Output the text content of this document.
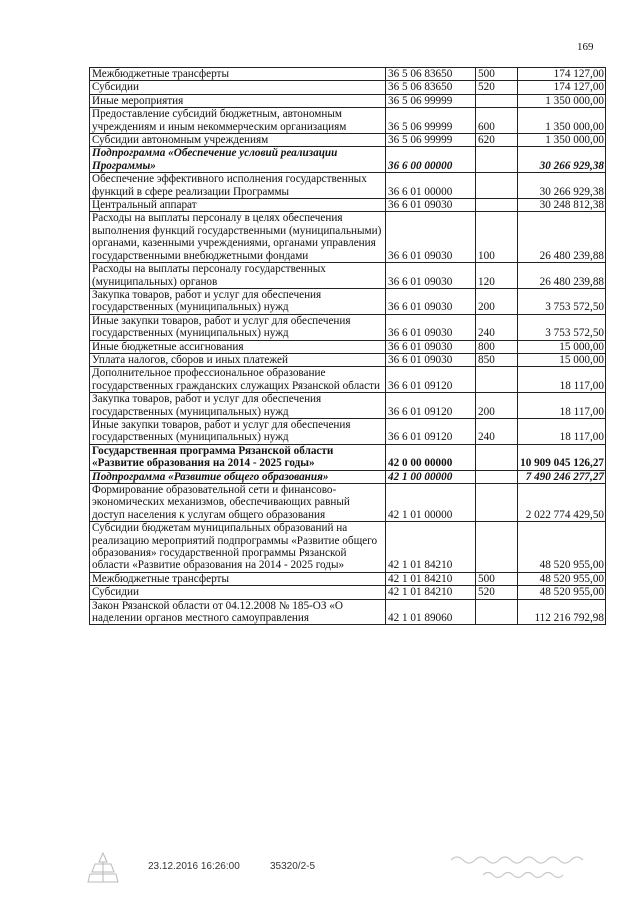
169
Межбюджетные трансферты	36 5 06 83650	500	174 127,00
Субсидии	36 5 06 83650	520	174 127,00
Иные мероприятия	36 5 06 99999		1 350 000,00
Предоставление субсидий бюджетным, автономным учреждениям и иным некоммерческим организациям	36 5 06 99999	600	1 350 000,00
Субсидии автономным учреждениям	36 5 06 99999	620	1 350 000,00
Подпрограмма «Обеспечение условий реализации Программы»	36 6 00 00000		30 266 929,38
Обеспечение эффективного исполнения государственных функций в сфере реализации Программы	36 6 01 00000		30 266 929,38
Центральный аппарат	36 6 01 09030		30 248 812,38
Расходы на выплаты персоналу в целях обеспечения выполнения функций государственными (муниципальными) органами, казенными учреждениями, органами управления государственными внебюджетными фондами	36 6 01 09030	100	26 480 239,88
Расходы на выплаты персоналу государственных (муниципальных) органов	36 6 01 09030	120	26 480 239,88
Закупка товаров, работ и услуг для обеспечения государственных (муниципальных) нужд	36 6 01 09030	200	3 753 572,50
Иные закупки товаров, работ и услуг для обеспечения государственных (муниципальных) нужд	36 6 01 09030	240	3 753 572,50
Иные бюджетные ассигнования	36 6 01 09030	800	15 000,00
Уплата налогов, сборов и иных платежей	36 6 01 09030	850	15 000,00
Дополнительное профессиональное образование государственных гражданских служащих Рязанской области	36 6 01 09120		18 117,00
Закупка товаров, работ и услуг для обеспечения государственных (муниципальных) нужд	36 6 01 09120	200	18 117,00
Иные закупки товаров, работ и услуг для обеспечения государственных (муниципальных) нужд	36 6 01 09120	240	18 117,00
Государственная программа Рязанской области «Развитие образования на 2014 - 2025 годы»	42 0 00 00000		10 909 045 126,27
Подпрограмма «Развитие общего образования»	42 1 00 00000		7 490 246 277,27
Формирование образовательной сети и финансово-экономических механизмов, обеспечивающих равный доступ населения к услугам общего образования	42 1 01 00000		2 022 774 429,50
Субсидии бюджетам муниципальных образований на реализацию мероприятий подпрограммы «Развитие общего образования» государственной программы Рязанской области «Развитие образования на 2014 - 2025 годы»	42 1 01 84210		48 520 955,00
Межбюджетные трансферты	42 1 01 84210	500	48 520 955,00
Субсидии	42 1 01 84210	520	48 520 955,00
Закон Рязанской области от 04.12.2008 № 185-ОЗ «О наделении органов местного самоуправления	42 1 01 89060		112 216 792,98
23.12.2016 16:26:00	35320/2-5
